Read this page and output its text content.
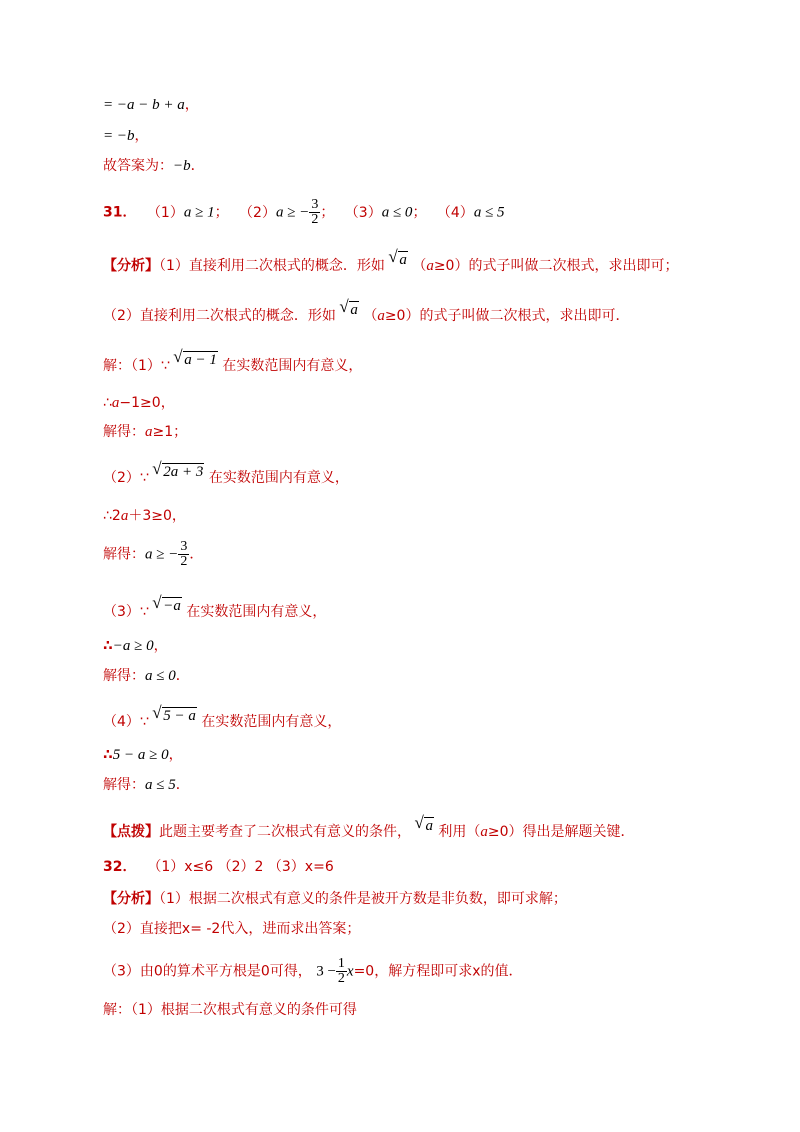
= −a − b + a，
= −b，
故答案为：−b．
31． （1）a ≥ 1； （2）a ≥ − $\frac{3}{2}$ ； （3）a ≤ 0； （4）a ≤ 5
【分析】（1）直接利用二次根式的概念．形如 √ a （a≥0）的式子叫做二次根式，求出即可；
（2）直接利用二次根式的概念．形如 √ a （a≥0）的式子叫做二次根式，求出即可．
解：（1）∵ √ a − 1 在实数范围内有意义，
∴a−1≥0，
解得：a≥1；
（2）∵ √ 2a + 3 在实数范围内有意义，
∴2a＋3≥0，
解得：a ≥ − $\frac{3}{2}$ ．
（3）∵ √ −a 在实数范围内有意义，
∴−a ≥ 0，
解得：a ≤ 0．
（4）∵ √ 5 − a 在实数范围内有意义，
∴5 − a ≥ 0，
解得：a ≤ 5．
【点拨】此题主要考查了二次根式有意义的条件， √ a 利用（a≥0）得出是解题关键．
32． （1）x≤6 （2）2 （3）x=6
【分析】（1）根据二次根式有意义的条件是被开方数是非负数，即可求解；
（2）直接把x= -2代入，进而求出答案；
（3）由0的算术平方根是0可得， $3 - \frac{1}{2} x=0$，解方程即可求x的值．
解：（1）根据二次根式有意义的条件可得
